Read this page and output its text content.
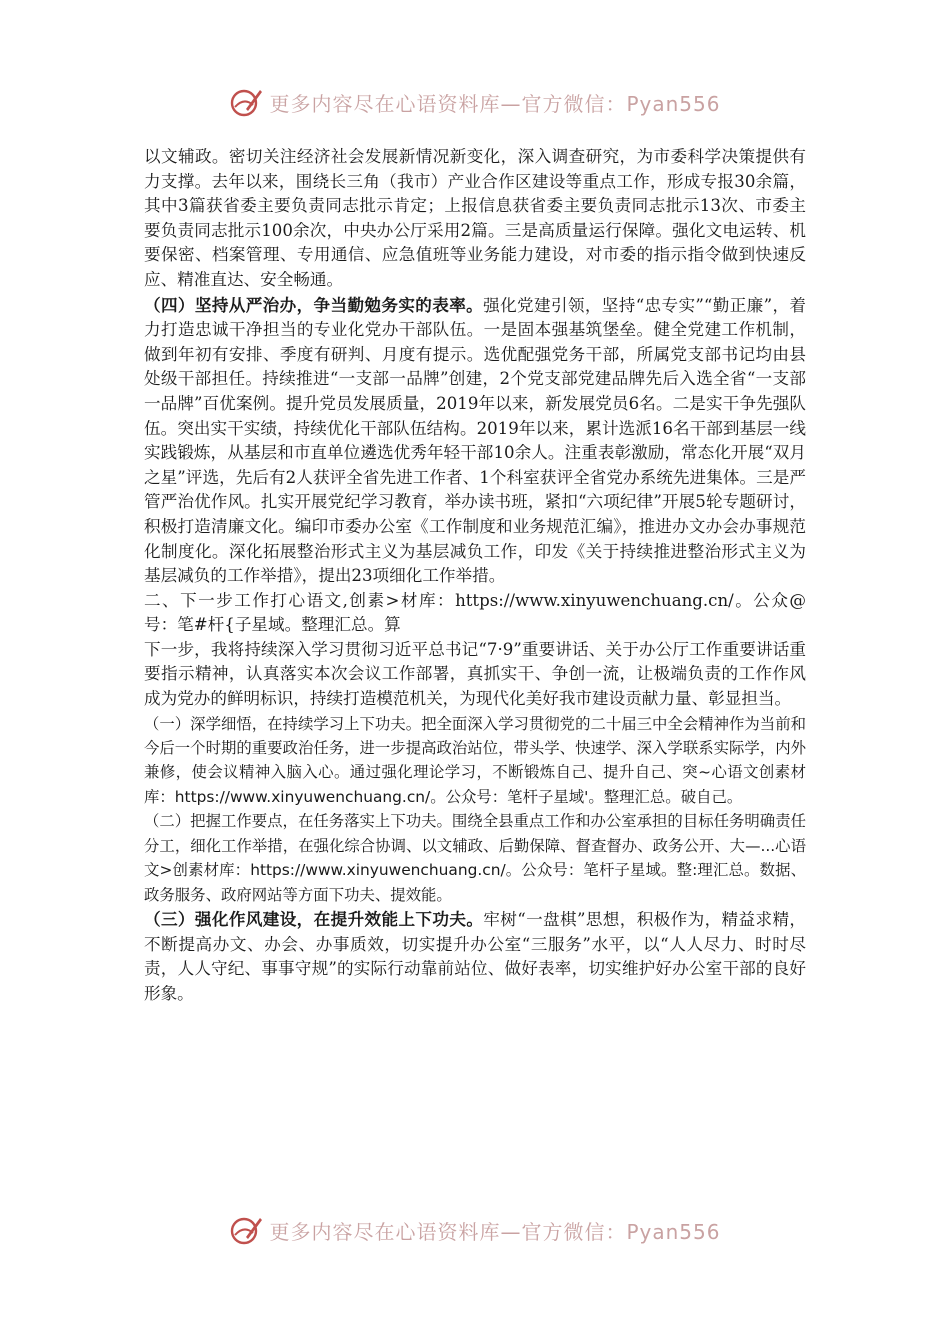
更多内容尽在心语资料库—官方微信：Pyan556

以文辅政。密切关注经济社会发展新情况新变化，深入调查研究，为市委科学决策提供有力支撑。去年以来，围绕长三角（我市）产业合作区建设等重点工作，形成专报30余篇，其中3篇获省委主要负责同志批示肯定；上报信息获省委主要负责同志批示13次、市委主要负责同志批示100余次，中央办公厅采用2篇。三是高质量运行保障。强化文电运转、机要保密、档案管理、专用通信、应急值班等业务能力建设，对市委的指示指令做到快速反应、精准直达、安全畅通。

（四）坚持从严治办，争当勤勉务实的表率。强化党建引领，坚持“忠专实”“勤正廉”，着力打造忠诚干净担当的专业化党办干部队伍。一是固本强基筑堡垒。健全党建工作机制，做到年初有安排、季度有研判、月度有提示。选优配强党务干部，所属党支部书记均由县处级干部担任。持续推进“一支部一品牌”创建，2个党支部党建品牌先后入选全省“一支部一品牌”百优案例。提升党员发展质量，2019年以来，新发展党员6名。二是实干争先强队伍。突出实干实绩，持续优化干部队伍结构。2019年以来，累计选派16名干部到基层一线实践锻炼，从基层和市直单位遴选优秀年轻干部10余人。注重表彰激励，常态化开展“双月之星”评选，先后有2人获评全省先进工作者、1个科室获评全省党办系统先进集体。三是严管严治优作风。扎实开展党纪学习教育，举办读书班，紧扣“六项纪律”开展5轮专题研讨，积极打造清廉文化。编印市委办公室《工作制度和业务规范汇编》，推进办文办会办事规范化制度化。深化拓展整治形式主义为基层减负工作，印发《关于持续推进整治形式主义为基层减负的工作举措》，提出23项细化工作举措。

二、下一步工作打心语文,创素>材库：https://www.xinyuwenchuang.cn/。公众@号：笔#杆{子星域。整理汇总。算

下一步，我将持续深入学习贯彻习近平总书记“7·9”重要讲话、关于办公厅工作重要讲话重要指示精神，认真落实本次会议工作部署，真抓实干、争创一流，让极端负责的工作作风成为党办的鲜明标识，持续打造模范机关，为现代化美好我市建设贡献力量、彰显担当。

（一）深学细悟，在持续学习上下功夫。把全面深入学习贯彻党的二十届三中全会精神作为当前和今后一个时期的重要政治任务，进一步提高政治站位，带头学、快速学、深入学联系实际学，内外兼修，使会议精神入脑入心。通过强化理论学习，不断锻炼自己、提升自己、突~心语文创素材库：https://www.xinyuwenchuang.cn/。公众号：笔杆子星域'。整理汇总。破自己。

（二）把握工作要点，在任务落实上下功夫。围绕全县重点工作和办公室承担的目标任务明确责任分工，细化工作举措，在强化综合协调、以文辅政、后勤保障、督查督办、政务公开、大—...心语文>创素材库：https://www.xinyuwenchuang.cn/。公众号：笔杆子星域。整:理汇总。数据、政务服务、政府网站等方面下功夫、提效能。

（三）强化作风建设，在提升效能上下功夫。牢树“一盘棋”思想，积极作为，精益求精，不断提高办文、办会、办事质效，切实提升办公室“三服务”水平，以“人人尽力、时时尽责，人人守纪、事事守规”的实际行动靠前站位、做好表率，切实维护好办公室干部的良好形象。

更多内容尽在心语资料库—官方微信：Pyan556
